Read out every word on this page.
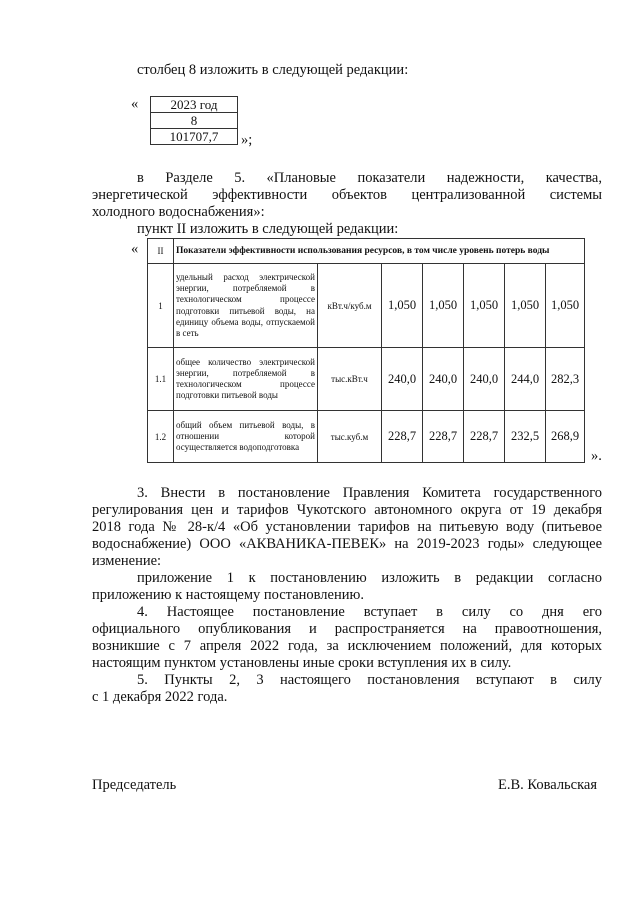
столбец 8 изложить в следующей редакции:
« 2023 год
8
101707,7 »;
в Разделе 5. «Плановые показатели надежности, качества,
энергетической эффективности объектов централизованной системы
холодного водоснабжения»:
пункт II изложить в следующей редакции:
« II	Показатели эффективности использования ресурсов, в том числе уровень потерь воды						
1	удельный расход электрической энергии, потребляемой в технологическом процессе подготовки питьевой воды, на единицу объема воды, отпускаемой в сеть	кВт.ч/куб.м	1,050	1,050	1,050	1,050	1,050
1.1	общее количество электрической энергии, потребляемой в технологическом процессе подготовки питьевой воды	тыс.кВт.ч	240,0	240,0	240,0	244,0	282,3
1.2	общий объем питьевой воды, в отношении которой осуществляется водоподготовка	тыс.куб.м	228,7	228,7	228,7	232,5	268,9
».
3. Внести в постановление Правления Комитета государственного
регулирования цен и тарифов Чукотского автономного округа от 19 декабря
2018 года № 28-к/4 «Об установлении тарифов на питьевую воду (питьевое
водоснабжение) ООО «АКВАНИКА-ПЕВЕК» на 2019-2023 годы» следующее
изменение:
приложение 1 к постановлению изложить в редакции согласно
приложению к настоящему постановлению.
4. Настоящее постановление вступает в силу со дня его
официального опубликования и распространяется на правоотношения,
возникшие с 7 апреля 2022 года, за исключением положений, для которых
настоящим пунктом установлены иные сроки вступления их в силу.
5. Пункты 2, 3 настоящего постановления вступают в силу
с 1 декабря 2022 года.
Председатель	Е.В. Ковальская
